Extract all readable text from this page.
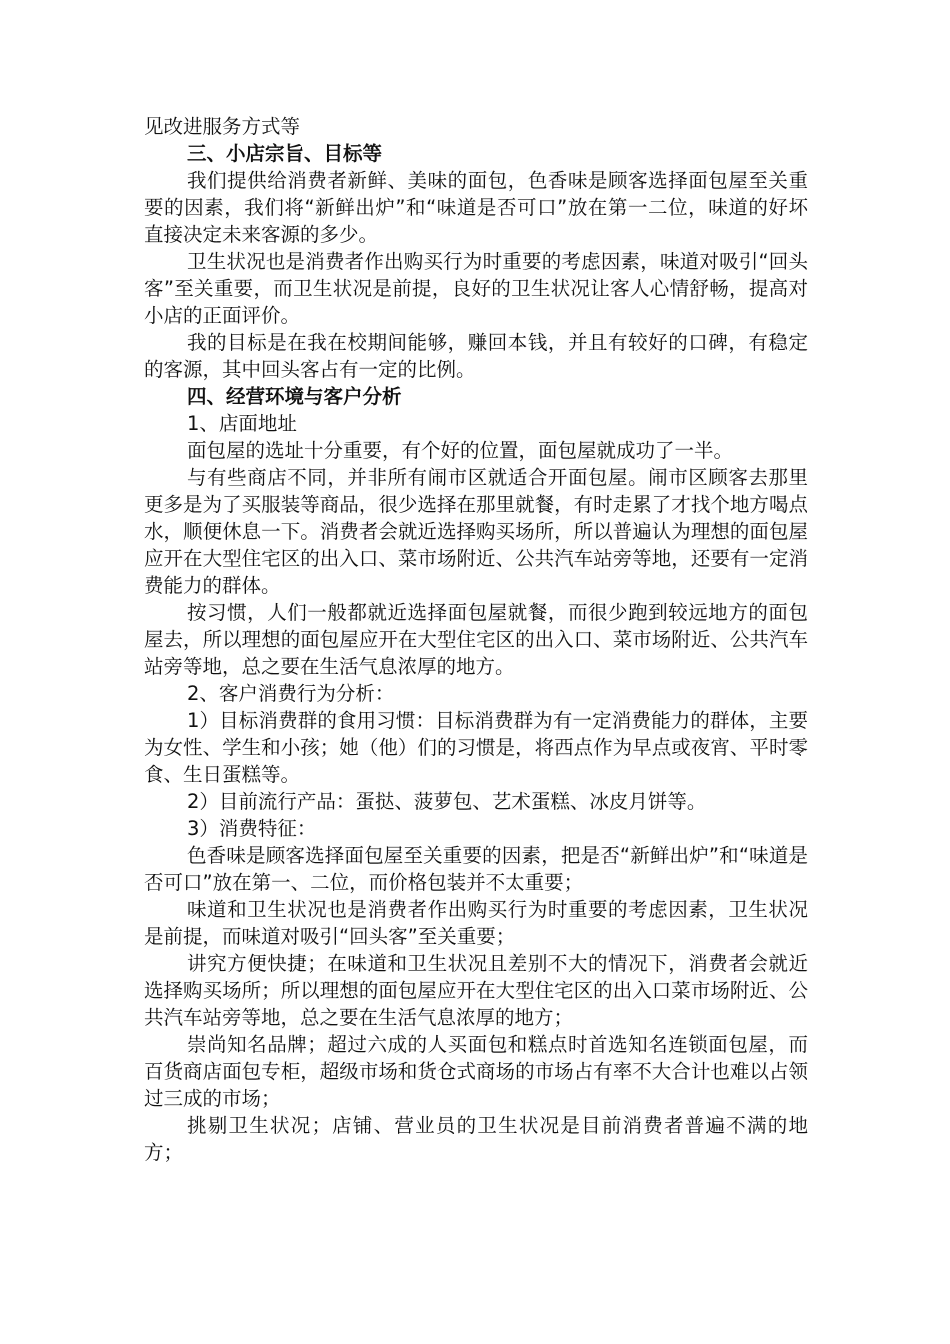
见改进服务方式等

三、小店宗旨、目标等

我们提供给消费者新鲜、美味的面包，色香味是顾客选择面包屋至关重要的因素，我们将“新鲜出炉”和“味道是否可口”放在第一二位，味道的好坏直接决定未来客源的多少。

卫生状况也是消费者作出购买行为时重要的考虑因素，味道对吸引“回头客”至关重要，而卫生状况是前提，良好的卫生状况让客人心情舒畅，提高对小店的正面评价。

我的目标是在我在校期间能够，赚回本钱，并且有较好的口碑，有稳定的客源，其中回头客占有一定的比例。

四、经营环境与客户分析

1、店面地址

面包屋的选址十分重要，有个好的位置，面包屋就成功了一半。

与有些商店不同，并非所有闹市区就适合开面包屋。闹市区顾客去那里更多是为了买服装等商品，很少选择在那里就餐，有时走累了才找个地方喝点水，顺便休息一下。消费者会就近选择购买场所，所以普遍认为理想的面包屋应开在大型住宅区的出入口、菜市场附近、公共汽车站旁等地，还要有一定消费能力的群体。

按习惯，人们一般都就近选择面包屋就餐，而很少跑到较远地方的面包屋去，所以理想的面包屋应开在大型住宅区的出入口、菜市场附近、公共汽车站旁等地，总之要在生活气息浓厚的地方。

2、客户消费行为分析：

1）目标消费群的食用习惯：目标消费群为有一定消费能力的群体，主要为女性、学生和小孩；她（他）们的习惯是，将西点作为早点或夜宵、平时零食、生日蛋糕等。

2）目前流行产品：蛋挞、菠萝包、艺术蛋糕、冰皮月饼等。

3）消费特征：

色香味是顾客选择面包屋至关重要的因素，把是否“新鲜出炉”和“味道是否可口”放在第一、二位，而价格包装并不太重要；

味道和卫生状况也是消费者作出购买行为时重要的考虑因素，卫生状况是前提，而味道对吸引“回头客”至关重要；

讲究方便快捷；在味道和卫生状况且差别不大的情况下，消费者会就近选择购买场所；所以理想的面包屋应开在大型住宅区的出入口菜市场附近、公共汽车站旁等地，总之要在生活气息浓厚的地方；

崇尚知名品牌；超过六成的人买面包和糕点时首选知名连锁面包屋，而百货商店面包专柜，超级市场和货仓式商场的市场占有率不大合计也难以占领过三成的市场；

挑剔卫生状况；店铺、营业员的卫生状况是目前消费者普遍不满的地方；
